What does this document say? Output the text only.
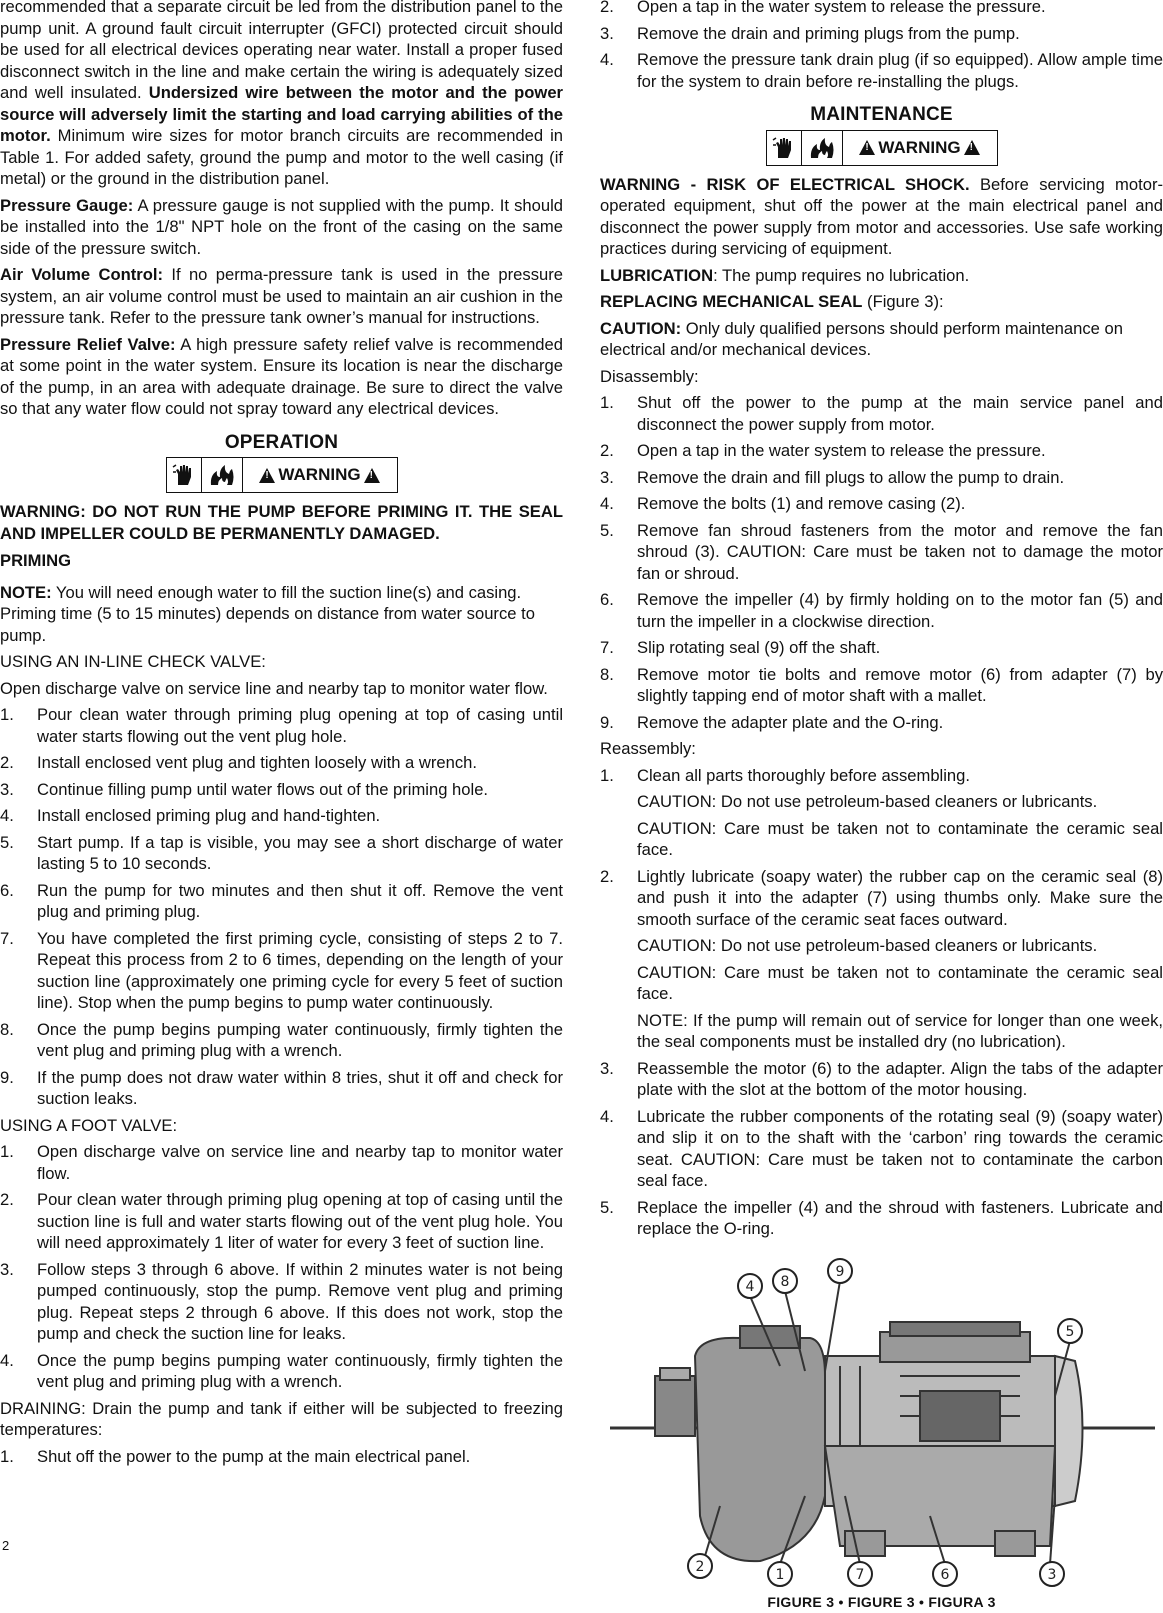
recommended that a separate circuit be led from the distribution panel to the pump unit. A ground fault circuit interrupter (GFCI) protected circuit should be used for all electrical devices operating near water. Install a proper fused disconnect switch in the line and make certain the wiring is adequately sized and well insulated. Undersized wire between the motor and the power source will adversely limit the starting and load carrying abilities of the motor. Minimum wire sizes for motor branch circuits are recommended in Table 1. For added safety, ground the pump and motor to the well casing (if metal) or the ground in the distribution panel.

Pressure Gauge: A pressure gauge is not supplied with the pump. It should be installed into the 1/8" NPT hole on the front of the casing on the same side of the pressure switch.

Air Volume Control: If no perma-pressure tank is used in the pressure system, an air volume control must be used to maintain an air cushion in the pressure tank. Refer to the pressure tank owner’s manual for instructions.

Pressure Relief Valve: A high pressure safety relief valve is recommended at some point in the water system. Ensure its location is near the discharge of the pump, in an area with adequate drainage. Be sure to direct the valve so that any water flow could not spray toward any electrical devices.

OPERATION
! WARNING !

WARNING: DO NOT RUN THE PUMP BEFORE PRIMING IT. THE SEAL AND IMPELLER COULD BE PERMANENTLY DAMAGED.

PRIMING

NOTE: You will need enough water to fill the suction line(s) and casing. Priming time (5 to 15 minutes) depends on distance from water source to pump.

USING AN IN-LINE CHECK VALVE:

Open discharge valve on service line and nearby tap to monitor water flow.

1. Pour clean water through priming plug opening at top of casing until water starts flowing out the vent plug hole.
2. Install enclosed vent plug and tighten loosely with a wrench.
3. Continue filling pump until water flows out of the priming hole.
4. Install enclosed priming plug and hand-tighten.
5. Start pump. If a tap is visible, you may see a short discharge of water lasting 5 to 10 seconds.
6. Run the pump for two minutes and then shut it off. Remove the vent plug and priming plug.
7. You have completed the first priming cycle, consisting of steps 2 to 7. Repeat this process from 2 to 6 times, depending on the length of your suction line (approximately one priming cycle for every 5 feet of suction line). Stop when the pump begins to pump water continuously.
8. Once the pump begins pumping water continuously, firmly tighten the vent plug and priming plug with a wrench.
9. If the pump does not draw water within 8 tries, shut it off and check for suction leaks.

USING A FOOT VALVE:

1. Open discharge valve on service line and nearby tap to monitor water flow.
2. Pour clean water through priming plug opening at top of casing until the suction line is full and water starts flowing out of the vent plug hole. You will need approximately 1 liter of water for every 3 feet of suction line.
3. Follow steps 3 through 6 above. If within 2 minutes water is not being pumped continuously, stop the pump. Remove vent plug and priming plug. Repeat steps 2 through 6 above. If this does not work, stop the pump and check the suction line for leaks.
4. Once the pump begins pumping water continuously, firmly tighten the vent plug and priming plug with a wrench.

DRAINING: Drain the pump and tank if either will be subjected to freezing temperatures:

1. Shut off the power to the pump at the main electrical panel.
2. Open a tap in the water system to release the pressure.
3. Remove the drain and priming plugs from the pump.
4. Remove the pressure tank drain plug (if so equipped). Allow ample time for the system to drain before re-installing the plugs.
MAINTENANCE
! WARNING !

WARNING - RISK OF ELECTRICAL SHOCK. Before servicing motor-operated equipment, shut off the power at the main electrical panel and disconnect the power supply from motor and accessories. Use safe working practices during servicing of equipment.

LUBRICATION: The pump requires no lubrication.

REPLACING MECHANICAL SEAL (Figure 3):

CAUTION: Only duly qualified persons should perform maintenance on electrical and/or mechanical devices.

Disassembly:

1. Shut off the power to the pump at the main service panel and disconnect the power supply from motor.
2. Open a tap in the water system to release the pressure.
3. Remove the drain and fill plugs to allow the pump to drain.
4. Remove the bolts (1) and remove casing (2).
5. Remove fan shroud fasteners from the motor and remove the fan shroud (3). CAUTION: Care must be taken not to damage the motor fan or shroud.
6. Remove the impeller (4) by firmly holding on to the motor fan (5) and turn the impeller in a clockwise direction.
7. Slip rotating seal (9) off the shaft.
8. Remove motor tie bolts and remove motor (6) from adapter (7) by slightly tapping end of motor shaft with a mallet.
9. Remove the adapter plate and the O-ring.

Reassembly:

1. Clean all parts thoroughly before assembling.
CAUTION: Do not use petroleum-based cleaners or lubricants.
CAUTION: Care must be taken not to contaminate the ceramic seal face.
2. Lightly lubricate (soapy water) the rubber cap on the ceramic seal (8) and push it into the adapter (7) using thumbs only. Make sure the smooth surface of the ceramic seat faces outward.
CAUTION: Do not use petroleum-based cleaners or lubricants.
CAUTION: Care must be taken not to contaminate the ceramic seal face.
NOTE: If the pump will remain out of service for longer than one week, the seal components must be installed dry (no lubrication).
3. Reassemble the motor (6) to the adapter. Align the tabs of the adapter plate with the slot at the bottom of the motor housing.
4. Lubricate the rubber components of the rotating seal (9) (soapy water) and slip it on to the shaft with the ‘carbon’ ring towards the ceramic seat. CAUTION: Care must be taken not to contaminate the carbon seal face.
5. Replace the impeller (4) and the shroud with fasteners. Lubricate and replace the O-ring.
4 8
9
5
2	1	7	6	3
FIGURE 3 • FIGURE 3 • FIGURA 3
2
